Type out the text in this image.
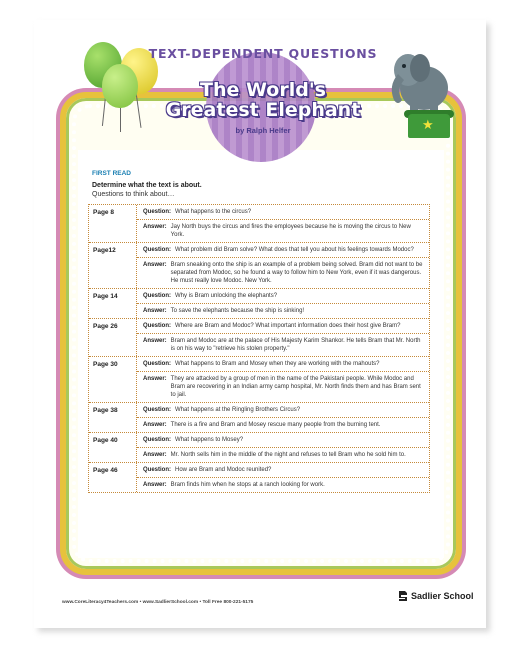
★
TEXT-DEPENDENT QUESTIONS
The World's
Greatest Elephant
by Ralph Helfer
FIRST READ
Determine what the text is about.
Questions to think about…
Page 8	Question: What happens to the circus?
Answer: Jay North buys the circus and fires the employees because he is moving the circus to New York.
Page12	Question: What problem did Bram solve? What does that tell you about his feelings towards Modoc?
Answer: Bram sneaking onto the ship is an example of a problem being solved. Bram did not want to be separated from Modoc, so he found a way to follow him to New York, even if it was dangerous. He must really love Modoc. New York.
Page 14	Question: Why is Bram unlocking the elephants?
Answer: To save the elephants because the ship is sinking!
Page 26	Question: Where are Bram and Modoc? What important information does their host give Bram?
Answer: Bram and Modoc are at the palace of His Majesty Karim Shankor. He tells Bram that Mr. North is on his way to "retrieve his stolen property."
Page 30	Question: What happens to Bram and Mosey when they are working with the mahouts?
Answer: They are attacked by a group of men in the name of the Pakistani people. While Modoc and Bram are recovering in an Indian army camp hospital, Mr. North finds them and has Bram sent to jail.
Page 38	Question: What happens at the Ringling Brothers Circus?
Answer: There is a fire and Bram and Mosey rescue many people from the burning tent.
Page 40	Question: What happens to Mosey?
Answer: Mr. North sells him in the middle of the night and refuses to tell Bram who he sold him to.
Page 46	Question: How are Bram and Modoc reunited?
Answer: Bram finds him when he stops at a ranch looking for work.
www.CoreLiteracy4Teachers.com • www.SadlierSchool.com • Toll Free 800-221-5175
Sadlier School
